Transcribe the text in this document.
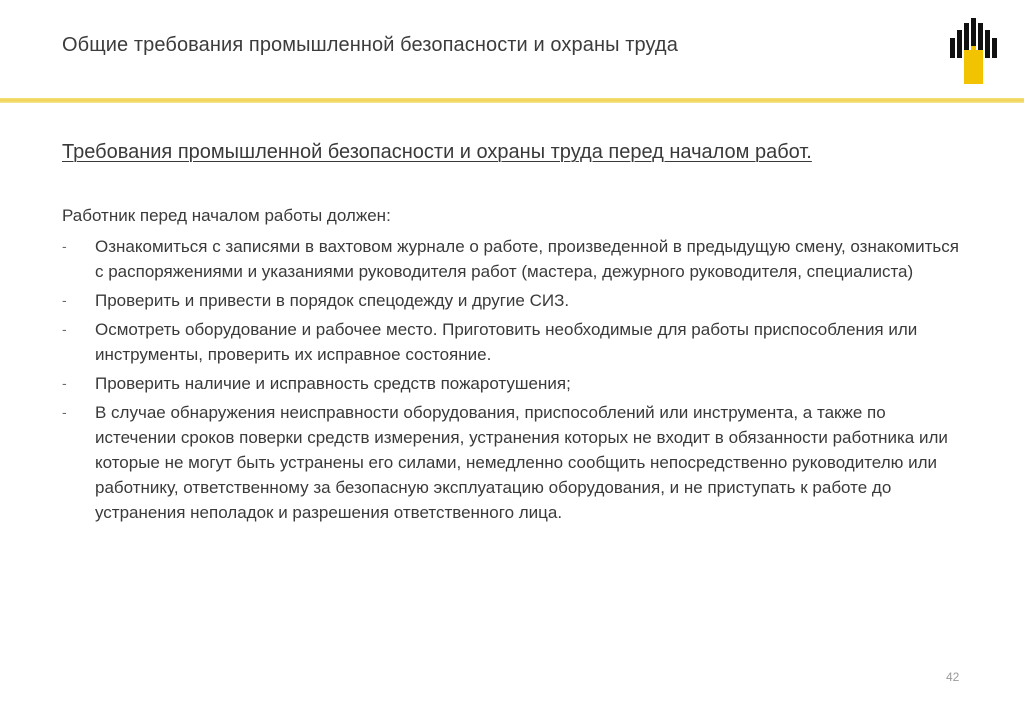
Общие требования промышленной безопасности и охраны труда
Требования промышленной безопасности и охраны труда перед началом работ.
Работник перед началом работы должен:
-	Ознакомиться с записями в вахтовом журнале о работе, произведенной в предыдущую смену, ознакомиться с распоряжениями и указаниями руководителя работ (мастера, дежурного руководителя, специалиста)
-	Проверить и привести в порядок спецодежду и другие СИЗ.
-	Осмотреть оборудование и рабочее место. Приготовить необходимые для работы приспособления или инструменты, проверить их исправное состояние.
-	Проверить наличие и исправность средств пожаротушения;
-	В случае обнаружения неисправности оборудования, приспособлений или инструмента, а также по истечении сроков поверки средств измерения, устранения которых не входит в обязанности работника или которые не могут быть устранены его силами, немедленно сообщить непосредственно руководителю или работнику, ответственному за безопасную эксплуатацию оборудования, и не приступать к работе до устранения неполадок и разрешения ответственного лица.
42
